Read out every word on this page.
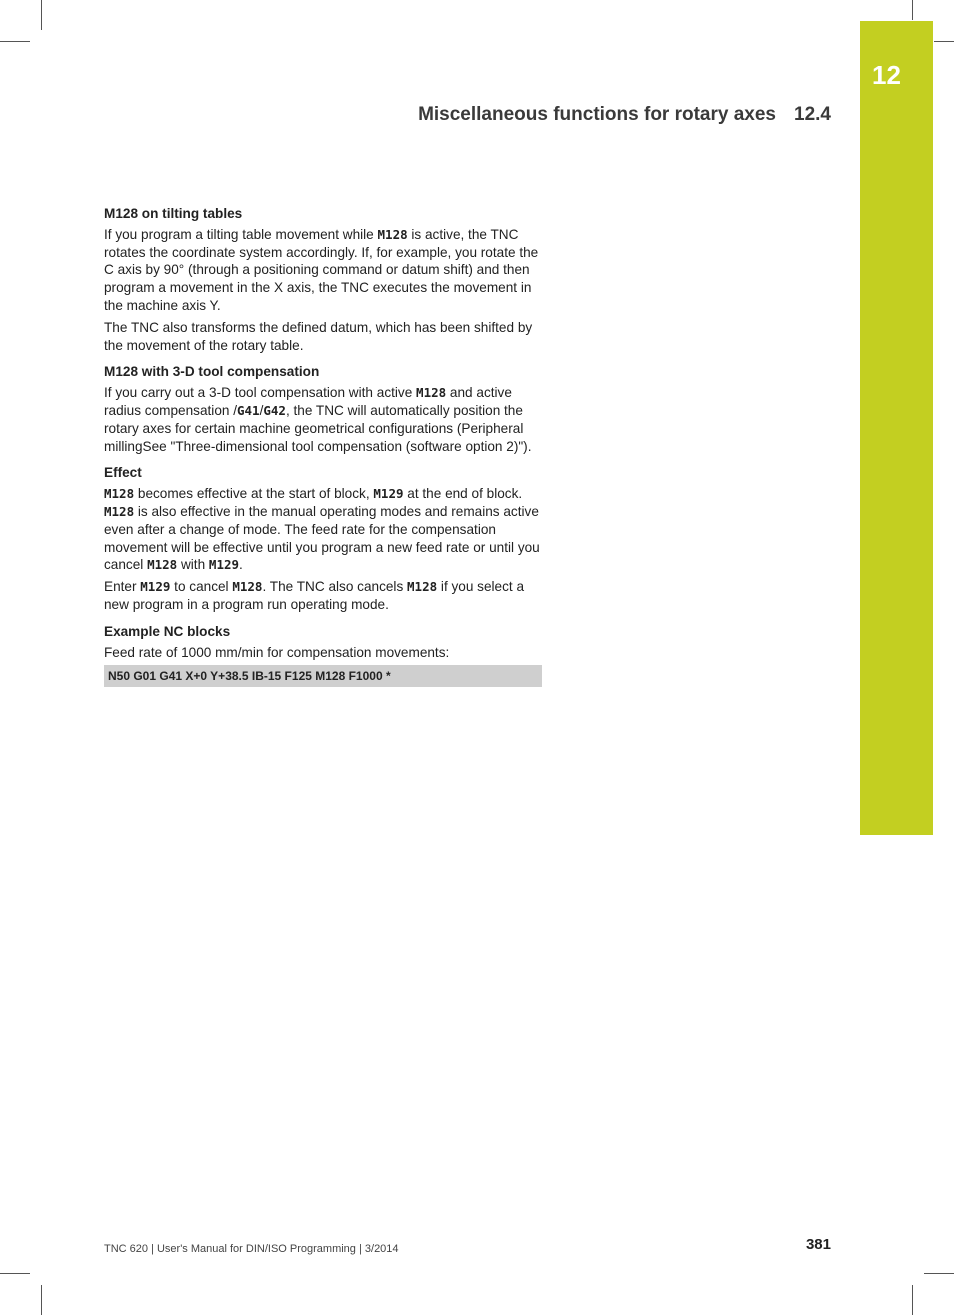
12
Miscellaneous functions for rotary axes 12.4
M128 on tilting tables

If you program a tilting table movement while M128 is active, the TNC rotates the coordinate system accordingly. If, for example, you rotate the C axis by 90° (through a positioning command or datum shift) and then program a movement in the X axis, the TNC executes the movement in the machine axis Y.

The TNC also transforms the defined datum, which has been shifted by the movement of the rotary table.

M128 with 3-D tool compensation

If you carry out a 3-D tool compensation with active M128 and active radius compensation /G41/G42, the TNC will automatically position the rotary axes for certain machine geometrical configurations (Peripheral millingSee "Three-dimensional tool compensation (software option 2)").

Effect

M128 becomes effective at the start of block, M129 at the end of block. M128 is also effective in the manual operating modes and remains active even after a change of mode. The feed rate for the compensation movement will be effective until you program a new feed rate or until you cancel M128 with M129.

Enter M129 to cancel M128. The TNC also cancels M128 if you select a new program in a program run operating mode.

Example NC blocks

Feed rate of 1000 mm/min for compensation movements:

N50 G01 G41 X+0 Y+38.5 IB-15 F125 M128 F1000 *
TNC 620 | User's Manual for DIN/ISO Programming | 3/2014	381
